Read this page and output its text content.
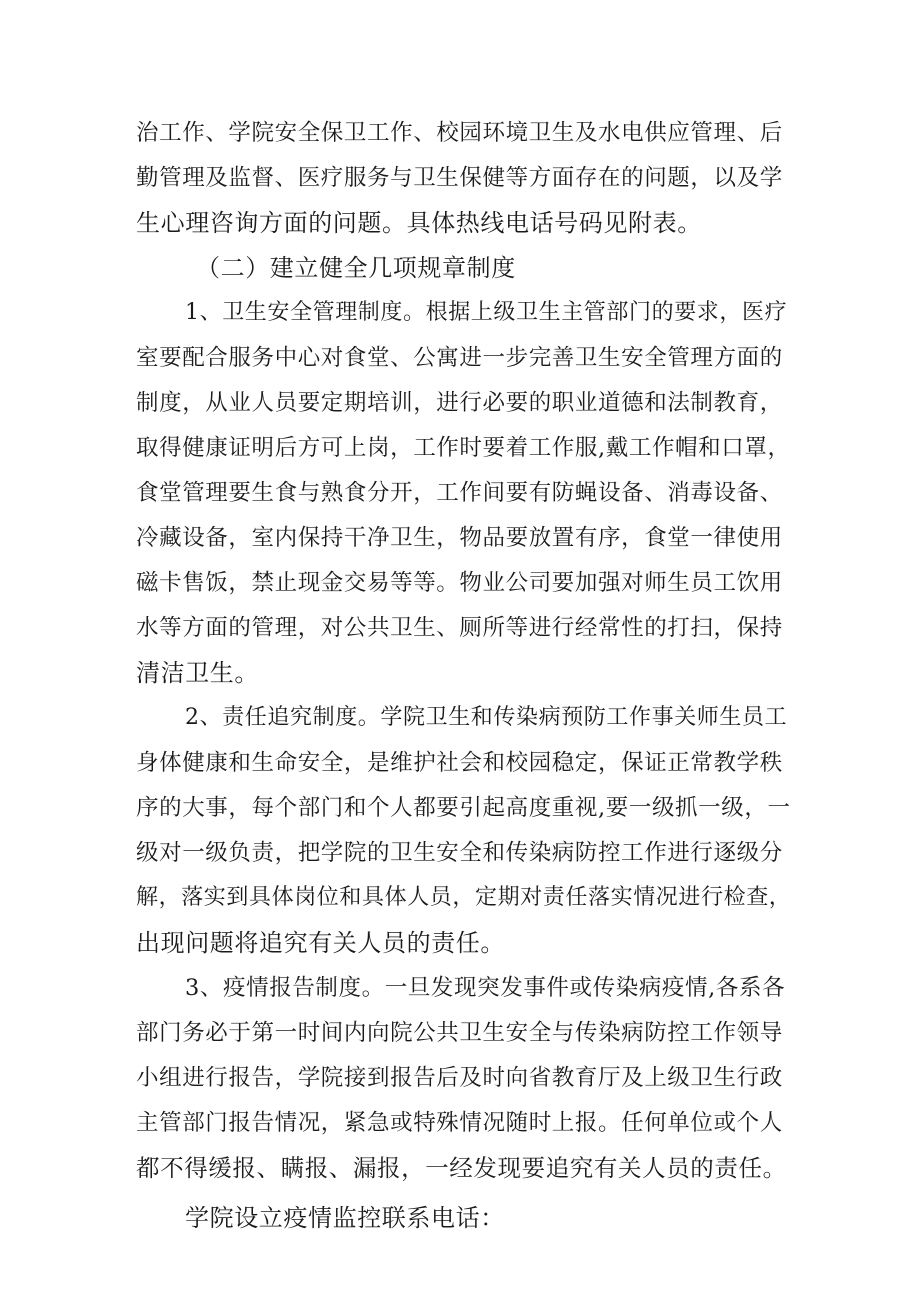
治工作、学院安全保卫工作、校园环境卫生及水电供应管理、后
勤管理及监督、医疗服务与卫生保健等方面存在的问题，以及学
生心理咨询方面的问题。具体热线电话号码见附表。
（二）建立健全几项规章制度
1、卫生安全管理制度。根据上级卫生主管部门的要求，医疗
室要配合服务中心对食堂、公寓进一步完善卫生安全管理方面的
制度，从业人员要定期培训，进行必要的职业道德和法制教育，
取得健康证明后方可上岗，工作时要着工作服,戴工作帽和口罩，
食堂管理要生食与熟食分开，工作间要有防蝇设备、消毒设备、
冷藏设备，室内保持干净卫生，物品要放置有序，食堂一律使用
磁卡售饭，禁止现金交易等等。物业公司要加强对师生员工饮用
水等方面的管理，对公共卫生、厕所等进行经常性的打扫，保持
清洁卫生。
2、责任追究制度。学院卫生和传染病预防工作事关师生员工
身体健康和生命安全，是维护社会和校园稳定，保证正常教学秩
序的大事，每个部门和个人都要引起高度重视,要一级抓一级，一
级对一级负责，把学院的卫生安全和传染病防控工作进行逐级分
解，落实到具体岗位和具体人员，定期对责任落实情况进行检查，
出现问题将追究有关人员的责任。
3、疫情报告制度。一旦发现突发事件或传染病疫情,各系各
部门务必于第一时间内向院公共卫生安全与传染病防控工作领导
小组进行报告，学院接到报告后及时向省教育厅及上级卫生行政
主管部门报告情况，紧急或特殊情况随时上报。任何单位或个人
都不得缓报、瞒报、漏报，一经发现要追究有关人员的责任。
学院设立疫情监控联系电话：
